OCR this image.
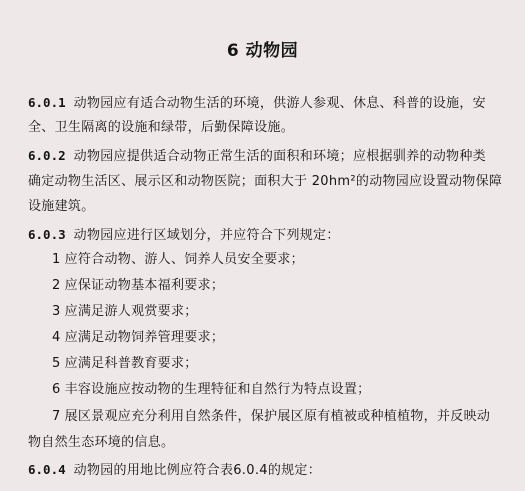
6 动物园
6.0.1 动物园应有适合动物生活的环境，供游人参观、休息、科普的设施，安
全、卫生隔离的设施和绿带，后勤保障设施。
6.0.2 动物园应提供适合动物正常生活的面积和环境；应根据驯养的动物种类
确定动物生活区、展示区和动物医院；面积大于 20hm²的动物园应设置动物保障
设施建筑。
6.0.3 动物园应进行区域划分，并应符合下列规定：
1 应符合动物、游人、饲养人员安全要求；
2 应保证动物基本福利要求；
3 应满足游人观赏要求；
4 应满足动物饲养管理要求；
5 应满足科普教育要求；
6 丰容设施应按动物的生理特征和自然行为特点设置；
7 展区景观应充分利用自然条件，保护展区原有植被或种植植物，并反映动
物自然生态环境的信息。
6.0.4 动物园的用地比例应符合表6.0.4的规定：
